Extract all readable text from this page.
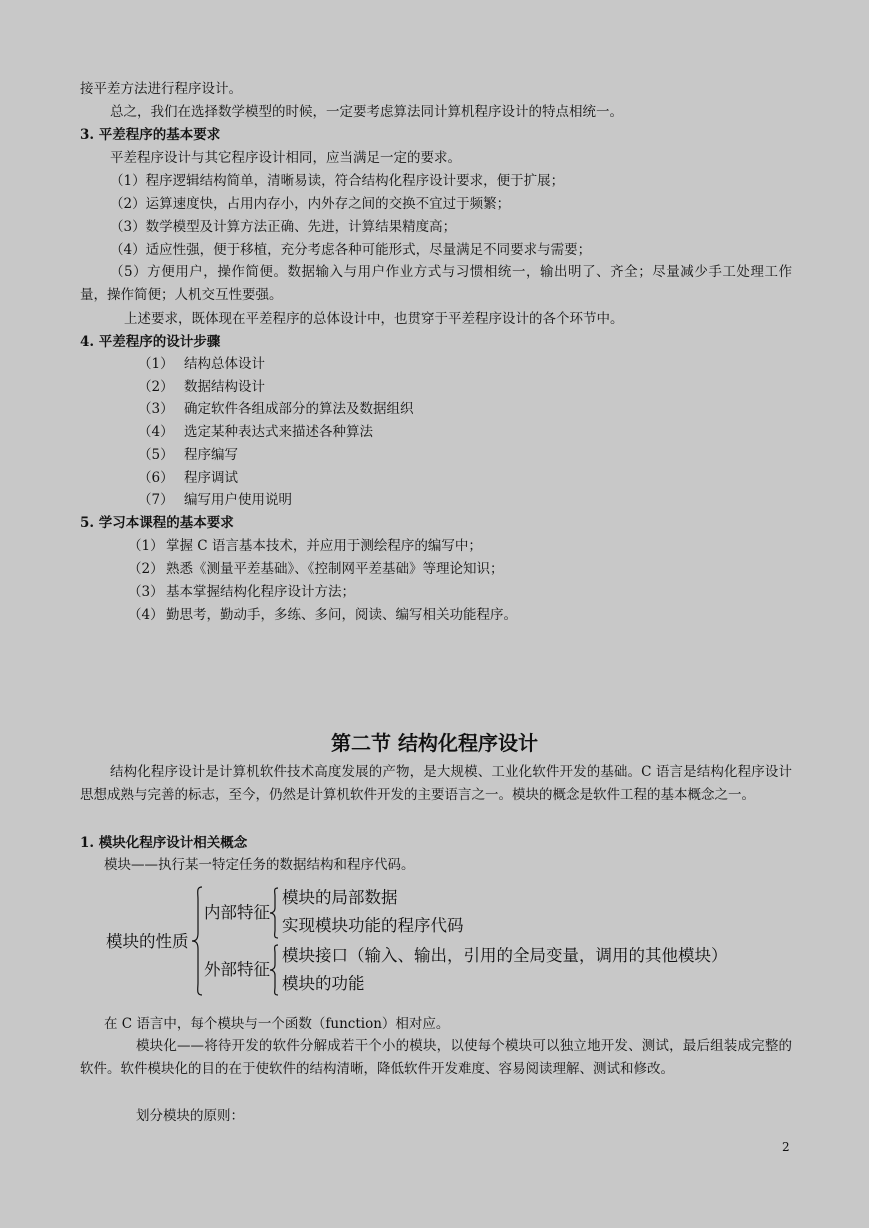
接平差方法进行程序设计。
总之，我们在选择数学模型的时候，一定要考虑算法同计算机程序设计的特点相统一。
3. 平差程序的基本要求
平差程序设计与其它程序设计相同，应当满足一定的要求。
（1）程序逻辑结构简单，清晰易读，符合结构化程序设计要求，便于扩展；
（2）运算速度快，占用内存小，内外存之间的交换不宜过于频繁；
（3）数学模型及计算方法正确、先进，计算结果精度高；
（4）适应性强，便于移植，充分考虑各种可能形式，尽量满足不同要求与需要；
（5）方便用户，操作简便。数据输入与用户作业方式与习惯相统一，输出明了、齐全；尽量减少手工处理工作量，操作简便；人机交互性要强。
上述要求，既体现在平差程序的总体设计中，也贯穿于平差程序设计的各个环节中。
4. 平差程序的设计步骤
（1） 结构总体设计
（2） 数据结构设计
（3） 确定软件各组成部分的算法及数据组织
（4） 选定某种表达式来描述各种算法
（5） 程序编写
（6） 程序调试
（7） 编写用户使用说明
5. 学习本课程的基本要求
（1） 掌握 C 语言基本技术，并应用于测绘程序的编写中；
（2） 熟悉《测量平差基础》、《控制网平差基础》等理论知识；
（3） 基本掌握结构化程序设计方法；
（4） 勤思考，勤动手，多练、多问，阅读、编写相关功能程序。
第二节 结构化程序设计
结构化程序设计是计算机软件技术高度发展的产物，是大规模、工业化软件开发的基础。C 语言是结构化程序设计思想成熟与完善的标志，至今，仍然是计算机软件开发的主要语言之一。模块的概念是软件工程的基本概念之一。
1. 模块化程序设计相关概念
模块——执行某一特定任务的数据结构和程序代码。
模块的性质
内部特征
模块的局部数据
实现模块功能的程序代码
外部特征
模块接口（输入、输出，引用的全局变量，调用的其他模块）
模块的功能
在 C 语言中，每个模块与一个函数（function）相对应。
模块化——将待开发的软件分解成若干个小的模块，以使每个模块可以独立地开发、测试，最后组装成完整的软件。软件模块化的目的在于使软件的结构清晰，降低软件开发难度、容易阅读理解、测试和修改。
划分模块的原则：
2
